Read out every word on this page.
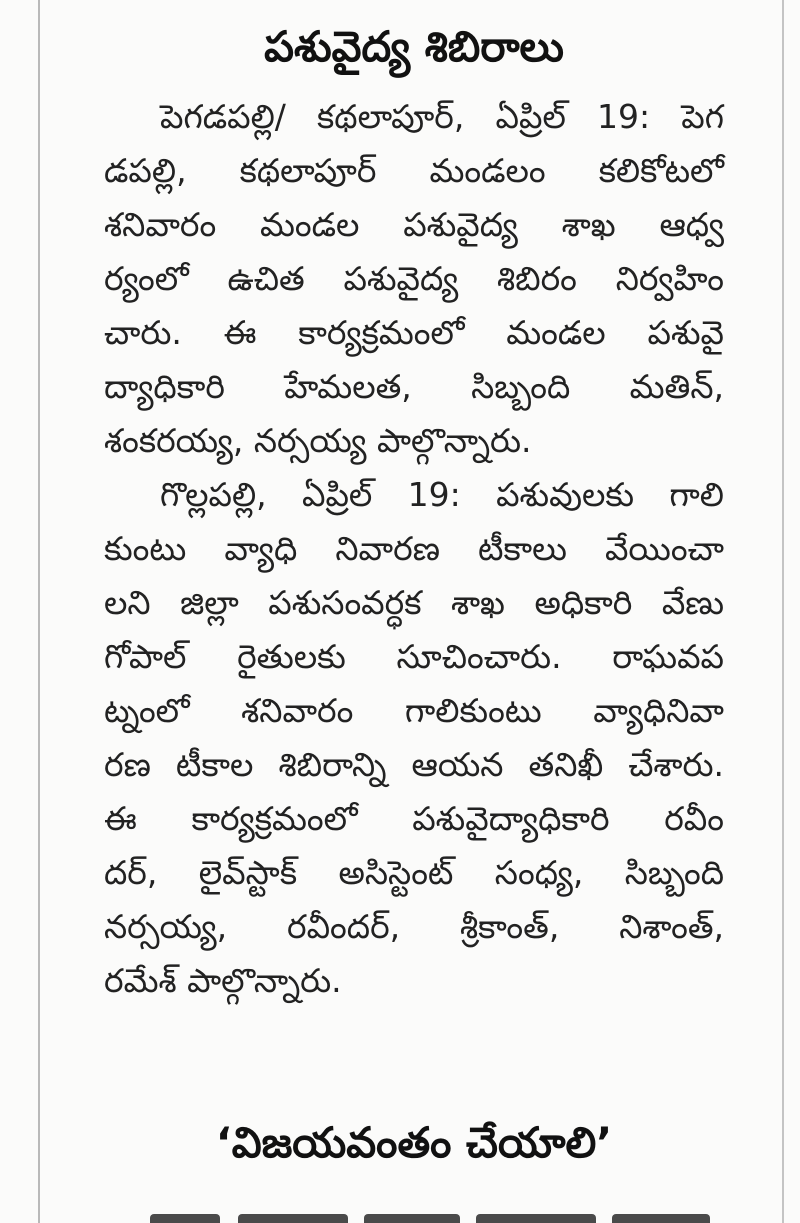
పశువైద్య శిబిరాలు
పెగడపల్లి/ కథలాపూర్, ఏప్రిల్ 19: పెగ
డపల్లి, కథలాపూర్ మండలం కలికోటలో
శనివారం మండల పశువైద్య శాఖ ఆధ్వ
ర్యంలో ఉచిత పశువైద్య శిబిరం నిర్వహిం
చారు. ఈ కార్యక్రమంలో మండల పశువై
ద్యాధికారి హేమలత, సిబ్బంది మతిన్,
శంకరయ్య, నర్సయ్య పాల్గొన్నారు.
గొల్లపల్లి, ఏప్రిల్ 19: పశువులకు గాలి
కుంటు వ్యాధి నివారణ టీకాలు వేయించా
లని జిల్లా పశుసంవర్ధక శాఖ అధికారి వేణు
గోపాల్ రైతులకు సూచించారు. రాఘవప
ట్నంలో శనివారం గాలికుంటు వ్యాధినివా
రణ టీకాల శిబిరాన్ని ఆయన తనిఖీ చేశారు.
ఈ కార్యక్రమంలో పశువైద్యాధికారి రవీం
దర్, లైవ్‌స్టాక్ అసిస్టెంట్ సంధ్య, సిబ్బంది
నర్సయ్య, రవీందర్, శ్రీకాంత్, నిశాంత్,
రమేశ్ పాల్గొన్నారు.
‘విజయవంతం చేయాలి’
